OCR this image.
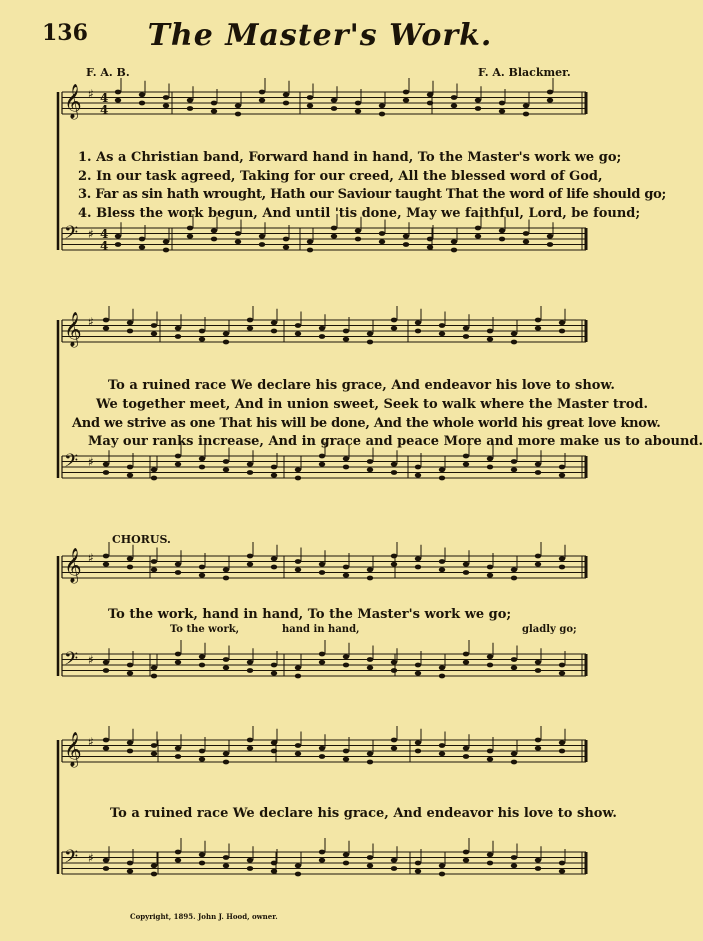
136	The Master's Work.
F. A. B.	F. A. Blackmer.
𝄞 ♯ 4
4
𝄢 ♯ 4
4
𝄞 ♯
𝄢 ♯
𝄞 ♯
𝄢 ♯
𝄞 ♯
𝄢 ♯
1. As a Christian band, Forward hand in hand, To the Master's work we go;
2. In our task agreed, Taking for our creed, All the blessed word of God,
3. Far as sin hath wrought, Hath our Saviour taught That the word of life should go;
4. Bless the work begun, And until 'tis done, May we faithful, Lord, be found;
To a ruined race We declare his grace, And endeavor his love to show.
We together meet, And in union sweet, Seek to walk where the Master trod.
And we strive as one That his will be done, And the whole world his great love know.
May our ranks increase, And in grace and peace More and more make us to abound.
CHORUS.
To the work, hand in hand, To the Master's work we go;
To the work,	hand in hand,	gladly go;
To a ruined race We declare his grace, And endeavor his love to show.
Copyright, 1895. John J. Hood, owner.
